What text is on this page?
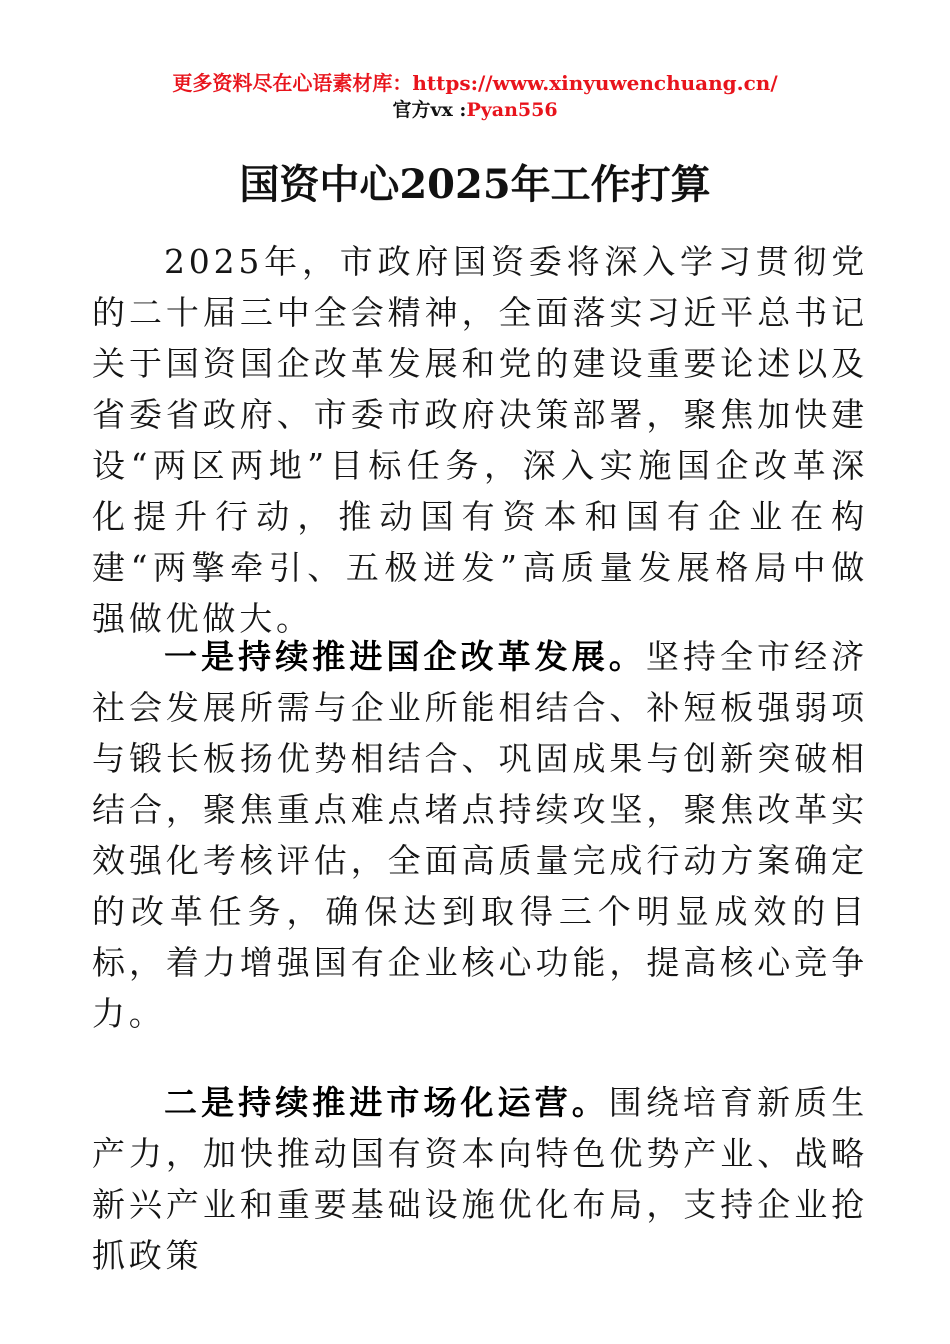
更多资料尽在心语素材库：https://www.xinyuwenchuang.cn/
官方vx :Pyan556
国资中心2025年工作打算

2025年，市政府国资委将深入学习贯彻党的二十届三中全会精神，全面落实习近平总书记关于国资国企改革发展和党的建设重要论述以及省委省政府、市委市政府决策部署，聚焦加快建设“两区两地”目标任务，深入实施国企改革深化提升行动，推动国有资本和国有企业在构建“两擎牵引、五极迸发”高质量发展格局中做强做优做大。

一是持续推进国企改革发展。坚持全市经济社会发展所需与企业所能相结合、补短板强弱项与锻长板扬优势相结合、巩固成果与创新突破相结合，聚焦重点难点堵点持续攻坚，聚焦改革实效强化考核评估，全面高质量完成行动方案确定的改革任务，确保达到取得三个明显成效的目标，着力增强国有企业核心功能，提高核心竞争力。

二是持续推进市场化运营。围绕培育新质生产力，加快推动国有资本向特色优势产业、战略新兴产业和重要基础设施优化布局，支持企业抢抓政策
